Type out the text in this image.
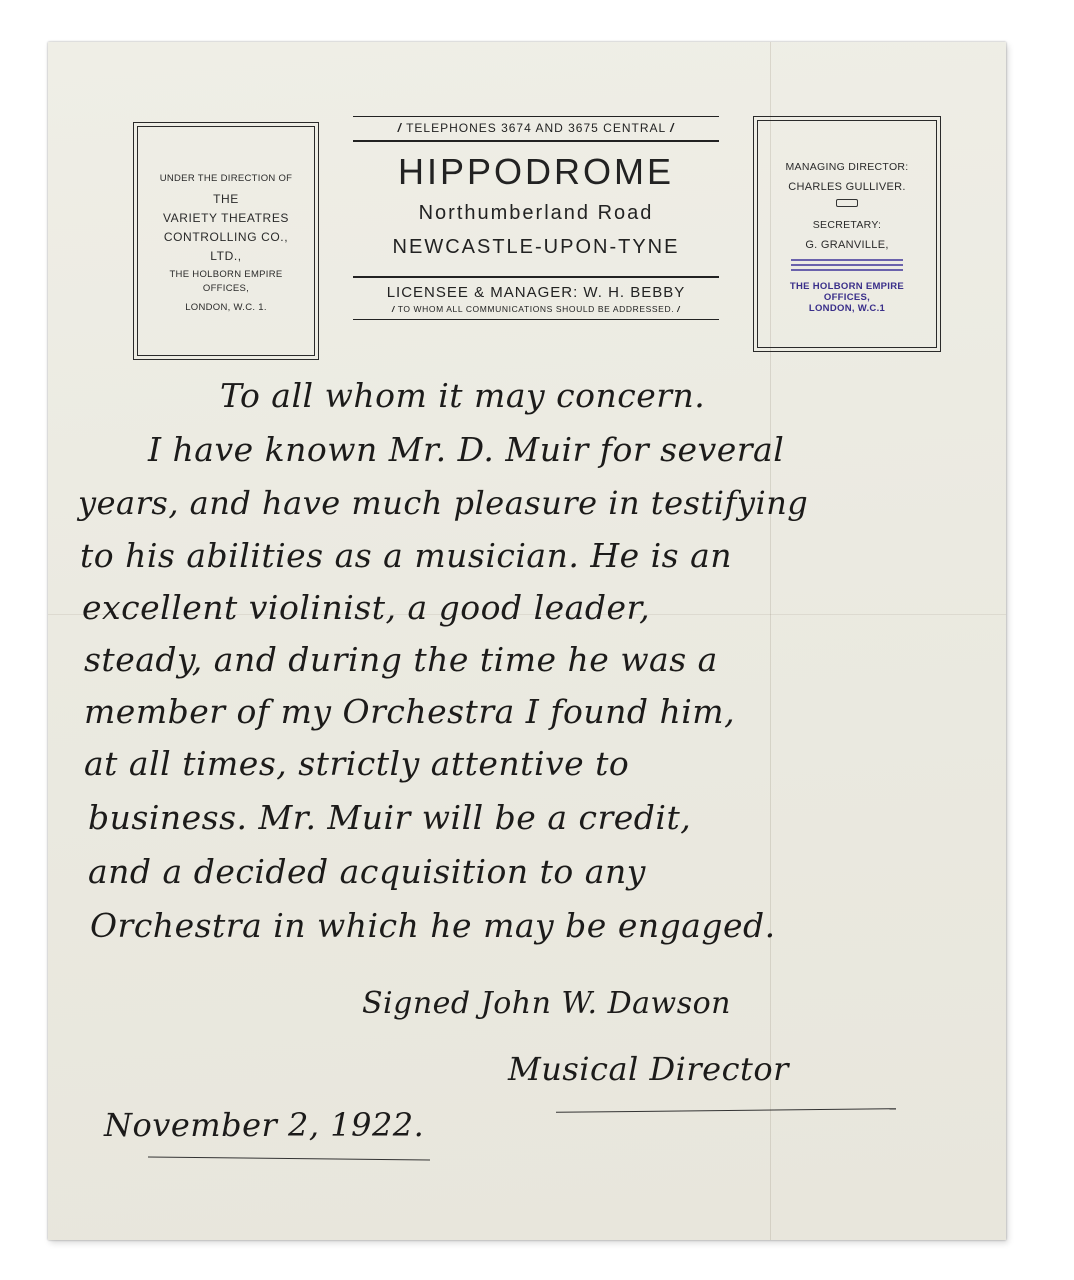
UNDER THE DIRECTION OF
THE
VARIETY THEATRES
CONTROLLING CO.,
LTD.,
THE HOLBORN EMPIRE
OFFICES,
LONDON, W.C. 1.
/ TELEPHONES 3674 AND 3675 CENTRAL /
HIPPODROME
Northumberland Road
NEWCASTLE-UPON-TYNE
LICENSEE & MANAGER: W. H. BEBBY
/ TO WHOM ALL COMMUNICATIONS SHOULD BE ADDRESSED. /
MANAGING DIRECTOR:
CHARLES GULLIVER.
SECRETARY:
G. GRANVILLE,
THE HOLBORN EMPIRE
OFFICES,
LONDON, W.C.1
To all whom it may concern.
I have known Mr. D. Muir for several
years, and have much pleasure in testifying
to his abilities as a musician. He is an
excellent violinist, a good leader,
steady, and during the time he was a
member of my Orchestra I found him,
at all times, strictly attentive to
business. Mr. Muir will be a credit,
and a decided acquisition to any
Orchestra in which he may be engaged.
Signed John W. Dawson
Musical Director
November 2, 1922.
